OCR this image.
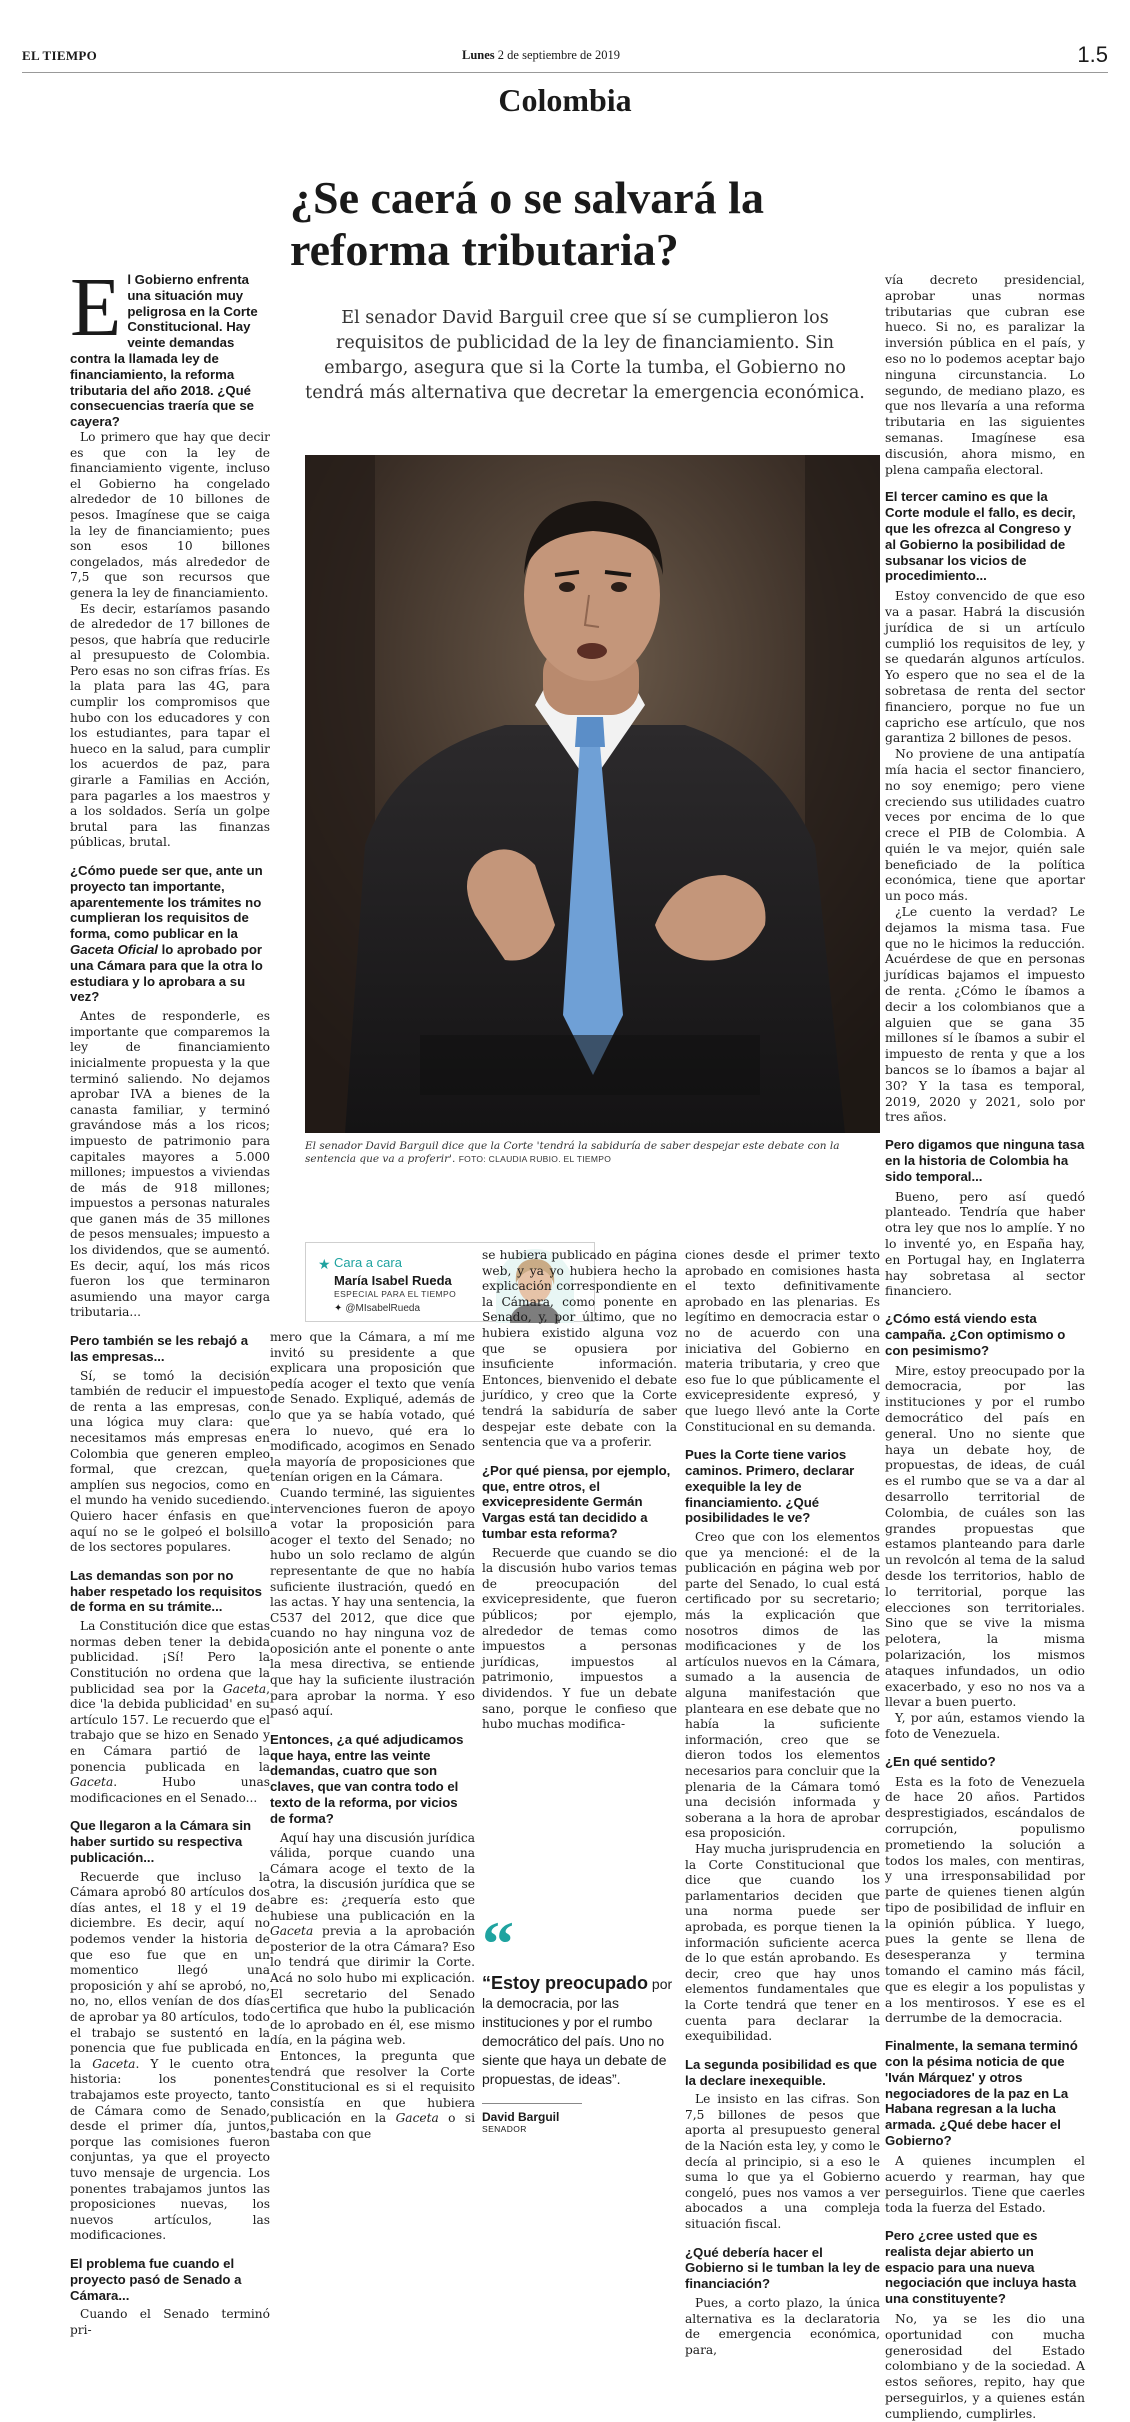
EL TIEMPO	Lunes 2 de septiembre de 2019	1.5
Colombia
¿Se caerá o se salvará la reforma tributaria?
El senador David Barguil cree que sí se cumplieron los requisitos de publicidad de la ley de financiamiento. Sin embargo, asegura que si la Corte la tumba, el Gobierno no tendrá más alternativa que decretar la emergencia económica.
E l Gobierno enfrenta una situación muy peligrosa en la Corte Constitucional. Hay veinte demandas contra la llamada ley de financiamiento, la reforma tributaria del año 2018. ¿Qué consecuencias traería que se cayera?

Lo primero que hay que decir es que con la ley de financiamiento vigente, incluso el Gobierno ha congelado alrededor de 10 billones de pesos. Imagínese que se caiga la ley de financiamiento; pues son esos 10 billones congelados, más alrededor de 7,5 que son recursos que genera la ley de financiamiento.

Es decir, estaríamos pasando de alrededor de 17 billones de pesos, que habría que reducirle al presupuesto de Colombia. Pero esas no son cifras frías. Es la plata para las 4G, para cumplir los compromisos que hubo con los educadores y con los estudiantes, para tapar el hueco en la salud, para cumplir los acuerdos de paz, para girarle a Familias en Acción, para pagarles a los maestros y a los soldados. Sería un golpe brutal para las finanzas públicas, brutal.

¿Cómo puede ser que, ante un proyecto tan importante, aparentemente los trámites no cumplieran los requisitos de forma, como publicar en la Gaceta Oficial lo aprobado por una Cámara para que la otra lo estudiara y lo aprobara a su vez?

Antes de responderle, es importante que comparemos la ley de financiamiento inicialmente propuesta y la que terminó saliendo. No dejamos aprobar IVA a bienes de la canasta familiar, y terminó gravándose más a los ricos; impuesto de patrimonio para capitales mayores a 5.000 millones; impuestos a viviendas de más de 918 millones; impuestos a personas naturales que ganen más de 35 millones de pesos mensuales; impuesto a los dividendos, que se aumentó. Es decir, aquí, los más ricos fueron los que terminaron asumiendo una mayor carga tributaria...

Pero también se les rebajó a las empresas...

Sí, se tomó la decisión también de reducir el impuesto de renta a las empresas, con una lógica muy clara: que necesitamos más empresas en Colombia que generen empleo formal, que crezcan, que amplíen sus negocios, como en el mundo ha venido sucediendo. Quiero hacer énfasis en que aquí no se le golpeó el bolsillo de los sectores populares.

Las demandas son por no haber respetado los requisitos de forma en su trámite...

La Constitución dice que estas normas deben tener la debida publicidad. ¡Sí! Pero la Constitución no ordena que la publicidad sea por la Gaceta, dice 'la debida publicidad' en su artículo 157. Le recuerdo que el trabajo que se hizo en Senado y en Cámara partió de la ponencia publicada en la Gaceta. Hubo unas modificaciones en el Senado...

Que llegaron a la Cámara sin haber surtido su respectiva publicación...

Recuerde que incluso la Cámara aprobó 80 artículos dos días antes, el 18 y el 19 de diciembre. Es decir, aquí no podemos vender la historia de que eso fue que en un momentico llegó una proposición y ahí se aprobó, no, no, no, ellos venían de dos días de aprobar ya 80 artículos, todo el trabajo se sustentó en la ponencia que fue publicada en la Gaceta. Y le cuento otra historia: los ponentes trabajamos este proyecto, tanto de Cámara como de Senado, desde el primer día, juntos, porque las comisiones fueron conjuntas, ya que el proyecto tuvo mensaje de urgencia. Los ponentes trabajamos juntos las proposiciones nuevas, los nuevos artículos, las modificaciones.

El problema fue cuando el proyecto pasó de Senado a Cámara...

Cuando el Senado terminó pri-

vía decreto presidencial, aprobar unas normas tributarias que cubran ese hueco. Si no, es paralizar la inversión pública en el país, y eso no lo podemos aceptar bajo ninguna circunstancia. Lo segundo, de mediano plazo, es que nos llevaría a una reforma tributaria en las siguientes semanas. Imagínese esa discusión, ahora mismo, en plena campaña electoral.

El tercer camino es que la Corte module el fallo, es decir, que les ofrezca al Congreso y al Gobierno la posibilidad de subsanar los vicios de procedimiento...

Estoy convencido de que eso va a pasar. Habrá la discusión jurídica de si un artículo cumplió los requisitos de ley, y se quedarán algunos artículos. Yo espero que no sea el de la sobretasa de renta del sector financiero, porque no fue un capricho ese artículo, que nos garantiza 2 billones de pesos.

No proviene de una antipatía mía hacia el sector financiero, no soy enemigo; pero viene creciendo sus utilidades cuatro veces por encima de lo que crece el PIB de Colombia. A quién le va mejor, quién sale beneficiado de la política económica, tiene que aportar un poco más.

¿Le cuento la verdad? Le dejamos la misma tasa. Fue que no le hicimos la reducción. Acuérdese de que en personas jurídicas bajamos el impuesto de renta. ¿Cómo le íbamos a decir a los colombianos que a alguien que se gana 35 millones sí le íbamos a subir el impuesto de renta y que a los bancos se lo íbamos a bajar al 30? Y la tasa es temporal, 2019, 2020 y 2021, solo por tres años.

Pero digamos que ninguna tasa en la historia de Colombia ha sido temporal...

Bueno, pero así quedó planteado. Tendría que haber otra ley que nos lo amplíe. Y no lo inventé yo, en España hay, en Portugal hay, en Inglaterra hay sobretasa al sector financiero.

¿Cómo está viendo esta campaña. ¿Con optimismo o con pesimismo?

Mire, estoy preocupado por la democracia, por las instituciones y por el rumbo democrático del país en general. Uno no siente que haya un debate hoy, de propuestas, de ideas, de cuál es el rumbo que se va a dar al desarrollo territorial de Colombia, de cuáles son las grandes propuestas que estamos planteando para darle un revolcón al tema de la salud desde los territorios, hablo de lo territorial, porque las elecciones son territoriales. Sino que se vive la misma pelotera, la misma polarización, los mismos ataques infundados, un odio exacerbado, y eso no nos va a llevar a buen puerto.

Y, por aún, estamos viendo la foto de Venezuela.

¿En qué sentido?

Esta es la foto de Venezuela de hace 20 años. Partidos desprestigiados, escándalos de corrupción, populismo prometiendo la solución a todos los males, con mentiras, y una irresponsabilidad por parte de quienes tienen algún tipo de posibilidad de influir en la opinión pública. Y luego, pues la gente se llena de desesperanza y termina tomando el camino más fácil, que es elegir a los populistas y a los mentirosos. Y ese es el derrumbe de la democracia.

Finalmente, la semana terminó con la pésima noticia de que 'Iván Márquez' y otros negociadores de la paz en La Habana regresan a la lucha armada. ¿Qué debe hacer el Gobierno?

A quienes incumplen el acuerdo y rearman, hay que perseguirlos. Tiene que caerles toda la fuerza del Estado.

Pero ¿cree usted que es realista dejar abierto un espacio para una nueva negociación que incluya hasta una constituyente?

No, ya se les dio una oportunidad con mucha generosidad del Estado colombiano y de la sociedad. A estos señores, repito, hay que perseguirlos, y a quienes están cumpliendo, cumplirles.

El senador David Barguil dice que la Corte 'tendrá la sabiduría de saber despejar este debate con la sentencia que va a proferir'. FOTO: CLAUDIA RUBIO. EL TIEMPO
★ Cara a cara
María Isabel Rueda
ESPECIAL PARA EL TIEMPO
✦ @MIsabelRueda

mero que la Cámara, a mí me invitó su presidente a que explicara una proposición que pedía acoger el texto que venía de Senado. Expliqué, además de lo que ya se había votado, qué era lo nuevo, qué era lo modificado, acogimos en Senado la mayoría de proposiciones que tenían origen en la Cámara.

Cuando terminé, las siguientes intervenciones fueron de apoyo a votar la proposición para acoger el texto del Senado; no hubo un solo reclamo de algún representante de que no había suficiente ilustración, quedó en las actas. Y hay una sentencia, la C537 del 2012, que dice que cuando no hay ninguna voz de oposición ante el ponente o ante la mesa directiva, se entiende que hay la suficiente ilustración para aprobar la norma. Y eso pasó aquí.

Entonces, ¿a qué adjudicamos que haya, entre las veinte demandas, cuatro que son claves, que van contra todo el texto de la reforma, por vicios de forma?

Aquí hay una discusión jurídica válida, porque cuando una Cámara acoge el texto de la otra, la discusión jurídica que se abre es: ¿requería esto que hubiese una publicación en la Gaceta previa a la aprobación posterior de la otra Cámara? Eso lo tendrá que dirimir la Corte. Acá no solo hubo mi explicación. El secretario del Senado certifica que hubo la publicación de lo aprobado en él, ese mismo día, en la página web.

Entonces, la pregunta que tendrá que resolver la Corte Constitucional es si el requisito consistía en que hubiera publicación en la Gaceta o si bastaba con que

se hubiera publicado en página web, y ya yo hubiera hecho la explicación correspondiente en la Cámara, como ponente en Senado, y, por último, que no hubiera existido alguna voz que se opusiera por insuficiente información. Entonces, bienvenido el debate jurídico, y creo que la Corte tendrá la sabiduría de saber despejar este debate con la sentencia que va a proferir.

¿Por qué piensa, por ejemplo, que, entre otros, el exvicepresidente Germán Vargas está tan decidido a tumbar esta reforma?

Recuerde que cuando se dio la discusión hubo varios temas de preocupación del exvicepresidente, que fueron públicos; por ejemplo, alrededor de temas como impuestos a personas jurídicas, impuestos al patrimonio, impuestos a dividendos. Y fue un debate sano, porque le confieso que hubo muchas modifica-

“
“Estoy preocupado por la democracia, por las instituciones y por el rumbo democrático del país. Uno no siente que haya un debate de propuestas, de ideas”.
David Barguil
SENADOR

ciones desde el primer texto aprobado en comisiones hasta el texto definitivamente aprobado en las plenarias. Es legítimo en democracia estar o no de acuerdo con una iniciativa del Gobierno en materia tributaria, y creo que eso fue lo que públicamente el exvicepresidente expresó, y que luego llevó ante la Corte Constitucional en su demanda.

Pues la Corte tiene varios caminos. Primero, declarar exequible la ley de financiamiento. ¿Qué posibilidades le ve?

Creo que con los elementos que ya mencioné: el de la publicación en página web por parte del Senado, lo cual está certificado por su secretario; más la explicación que nosotros dimos de las modificaciones y de los artículos nuevos en la Cámara, sumado a la ausencia de alguna manifestación que planteara en ese debate que no había la suficiente información, creo que se dieron todos los elementos necesarios para concluir que la plenaria de la Cámara tomó una decisión informada y soberana a la hora de aprobar esa proposición.

Hay mucha jurisprudencia en la Corte Constitucional que dice que cuando los parlamentarios deciden que una norma puede ser aprobada, es porque tienen la información suficiente acerca de lo que están aprobando. Es decir, creo que hay unos elementos fundamentales que la Corte tendrá que tener en cuenta para declarar la exequibilidad.

La segunda posibilidad es que la declare inexequible.

Le insisto en las cifras. Son 7,5 billones de pesos que aporta al presupuesto general de la Nación esta ley, y como le decía al principio, si a eso le suma lo que ya el Gobierno congeló, pues nos vamos a ver abocados a una compleja situación fiscal.

¿Qué debería hacer el Gobierno si le tumban la ley de financiación?

Pues, a corto plazo, la única alternativa es la declaratoria de emergencia económica, para,
